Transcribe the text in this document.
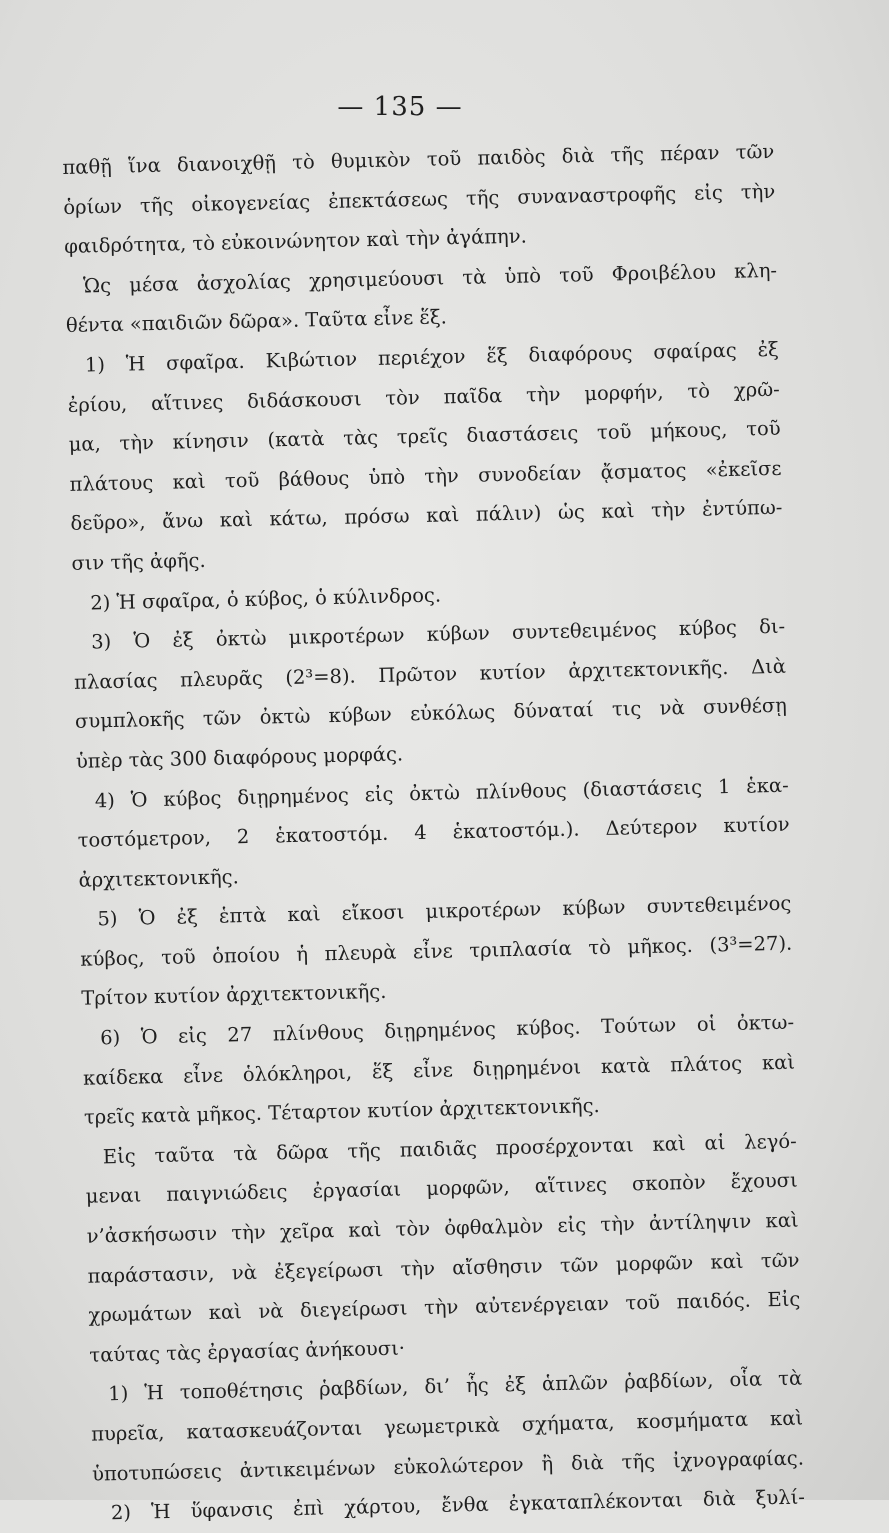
— 135 —
παθῇ ἵνα διανοιχθῇ τὸ θυμικὸν τοῦ παιδὸς διὰ τῆς πέραν τῶν
ὁρίων τῆς οἰκογενείας ἐπεκτάσεως τῆς συναναστροφῆς εἰς τὴν
φαιδρότητα, τὸ εὐκοινώνητον καὶ τὴν ἀγάπην.
Ὡς μέσα ἀσχολίας χρησιμεύουσι τὰ ὑπὸ τοῦ Φροιβέλου κλη-
θέντα «παιδιῶν δῶρα». Ταῦτα εἶνε ἕξ.
1) Ἡ σφαῖρα. Κιβώτιον περιέχον ἕξ διαφόρους σφαίρας ἐξ
ἐρίου, αἵτινες διδάσκουσι τὸν παῖδα τὴν μορφήν, τὸ χρῶ-
μα, τὴν κίνησιν (κατὰ τὰς τρεῖς διαστάσεις τοῦ μήκους, τοῦ
πλάτους καὶ τοῦ βάθους ὑπὸ τὴν συνοδείαν ᾄσματος «ἐκεῖσε
δεῦρο», ἄνω καὶ κάτω, πρόσω καὶ πάλιν) ὡς καὶ τὴν ἐντύπω-
σιν τῆς ἀφῆς.
2) Ἡ σφαῖρα, ὁ κύβος, ὁ κύλινδρος.
3) Ὁ ἐξ ὀκτὼ μικροτέρων κύβων συντεθειμένος κύβος δι-
πλασίας πλευρᾶς (2³=8). Πρῶτον κυτίον ἀρχιτεκτονικῆς. Διὰ
συμπλοκῆς τῶν ὀκτὼ κύβων εὐκόλως δύναταί τις νὰ συνθέσῃ
ὑπὲρ τὰς 300 διαφόρους μορφάς.
4) Ὁ κύβος διῃρημένος εἰς ὀκτὼ πλίνθους (διαστάσεις 1 ἑκα-
τοστόμετρον, 2 ἑκατοστόμ. 4 ἑκατοστόμ.). Δεύτερον κυτίον
ἀρχιτεκτονικῆς.
5) Ὁ ἐξ ἑπτὰ καὶ εἴκοσι μικροτέρων κύβων συντεθειμένος
κύβος, τοῦ ὁποίου ἡ πλευρὰ εἶνε τριπλασία τὸ μῆκος. (3³=27).
Τρίτον κυτίον ἀρχιτεκτονικῆς.
6) Ὁ εἰς 27 πλίνθους διῃρημένος κύβος. Τούτων οἱ ὀκτω-
καίδεκα εἶνε ὁλόκληροι, ἕξ εἶνε διῃρημένοι κατὰ πλάτος καὶ
τρεῖς κατὰ μῆκος. Τέταρτον κυτίον ἀρχιτεκτονικῆς.
Εἰς ταῦτα τὰ δῶρα τῆς παιδιᾶς προσέρχονται καὶ αἱ λεγό-
μεναι παιγνιώδεις ἐργασίαι μορφῶν, αἵτινες σκοπὸν ἔχουσι
ν’ἀσκήσωσιν τὴν χεῖρα καὶ τὸν ὀφθαλμὸν εἰς τὴν ἀντίληψιν καὶ
παράστασιν, νὰ ἐξεγείρωσι τὴν αἴσθησιν τῶν μορφῶν καὶ τῶν
χρωμάτων καὶ νὰ διεγείρωσι τὴν αὐτενέργειαν τοῦ παιδός. Εἰς
ταύτας τὰς ἐργασίας ἀνήκουσι·
1) Ἡ τοποθέτησις ῥαβδίων, δι’ ἧς ἐξ ἁπλῶν ῥαβδίων, οἷα τὰ
πυρεῖα, κατασκευάζονται γεωμετρικὰ σχήματα, κοσμήματα καὶ
ὑποτυπώσεις ἀντικειμένων εὐκολώτερον ἢ διὰ τῆς ἰχνογραφίας.
2) Ἡ ὕφανσις ἐπὶ χάρτου, ἔνθα ἐγκαταπλέκονται διὰ ξυλί-
